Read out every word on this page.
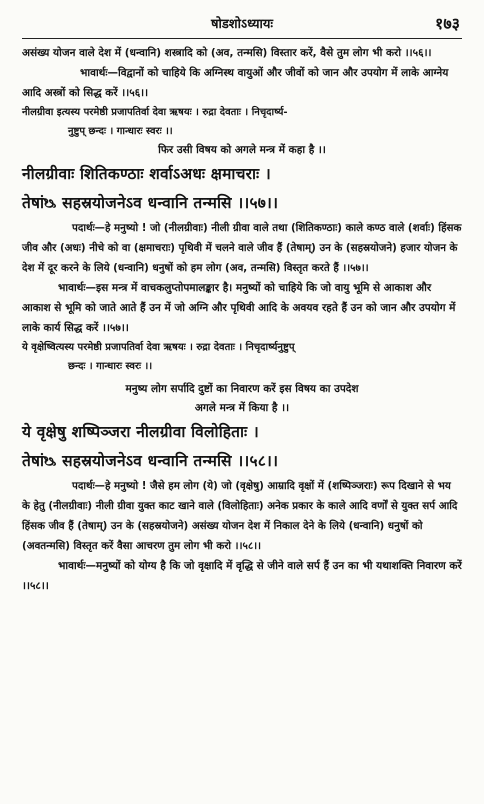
षोडशोऽध्यायः	१७३

असंख्य योजन वाले देश में (धन्वानि) शस्त्रादि को (अव, तन्मसि) विस्तार करें, वैसे तुम लोग भी करो ।।५६।।

भावार्थः—विद्वानों को चाहिये कि अग्निस्थ वायुओं और जीवों को जान और उपयोग में लाके आग्नेय आदि अस्त्रों को सिद्ध करें ।।५६।।

नीलग्रीवा इत्यस्य परमेष्ठी प्रजापतिर्वा देवा ऋषयः । रुद्रा देवताः । निचृदार्ष्य-

नुष्टुप् छन्दः । गान्धारः स्वरः ।।

फिर उसी विषय को अगले मन्त्र में कहा है ।।

नीलग्रीवाः शितिकण्ठाः शर्वाऽअधः क्षमाचराः ।

तेषांᳬ सहस्रयोजनेऽव धन्वानि तन्मसि ।।५७।।

पदार्थः—हे मनुष्यो ! जो (नीलग्रीवाः) नीली ग्रीवा वाले तथा (शितिकण्ठाः) काले कण्ठ वाले (शर्वाः) हिंसक जीव और (अधः) नीचे को वा (क्षमाचराः) पृथिवी में चलने वाले जीव हैं (तेषाम्) उन के (सहस्रयोजने) हजार योजन के देश में दूर करने के लिये (धन्वानि) धनुषों को हम लोग (अव, तन्मसि) विस्तृत करते हैं ।।५७।।

भावार्थः—इस मन्त्र में वाचकलुप्तोपमालङ्कार है। मनुष्यों को चाहिये कि जो वायु भूमि से आकाश और आकाश से भूमि को जाते आते हैं उन में जो अग्नि और पृथिवी आदि के अवयव रहते हैं उन को जान और उपयोग में लाके कार्य सिद्ध करें ।।५७।।

ये वृक्षेष्वित्यस्य परमेष्ठी प्रजापतिर्वा देवा ऋषयः । रुद्रा देवताः । निचृदार्ष्यनुष्टुप्

छन्दः । गान्धारः स्वरः ।।

मनुष्य लोग सर्पादि दुष्टों का निवारण करें इस विषय का उपदेश

अगले मन्त्र में किया है ।।

ये वृक्षेषु शष्पिञ्जरा नीलग्रीवा विलोहिताः ।

तेषांᳬ सहस्रयोजनेऽव धन्वानि तन्मसि ।।५८।।

पदार्थः—हे मनुष्यो ! जैसे हम लोग (ये) जो (वृक्षेषु) आम्रादि वृक्षों में (शष्पिञ्जराः) रूप दिखाने से भय के हेतु (नीलग्रीवाः) नीली ग्रीवा युक्त काट खाने वाले (विलोहिताः) अनेक प्रकार के काले आदि वर्णों से युक्त सर्प आदि हिंसक जीव हैं (तेषाम्) उन के (सहस्रयोजने) असंख्य योजन देश में निकाल देने के लिये (धन्वानि) धनुषों को (अवतन्मसि) विस्तृत करें वैसा आचरण तुम लोग भी करो ।।५८।।

भावार्थः—मनुष्यों को योग्य है कि जो वृक्षादि में वृद्धि से जीने वाले सर्प हैं उन का भी यथाशक्ति निवारण करें ।।५८।।
